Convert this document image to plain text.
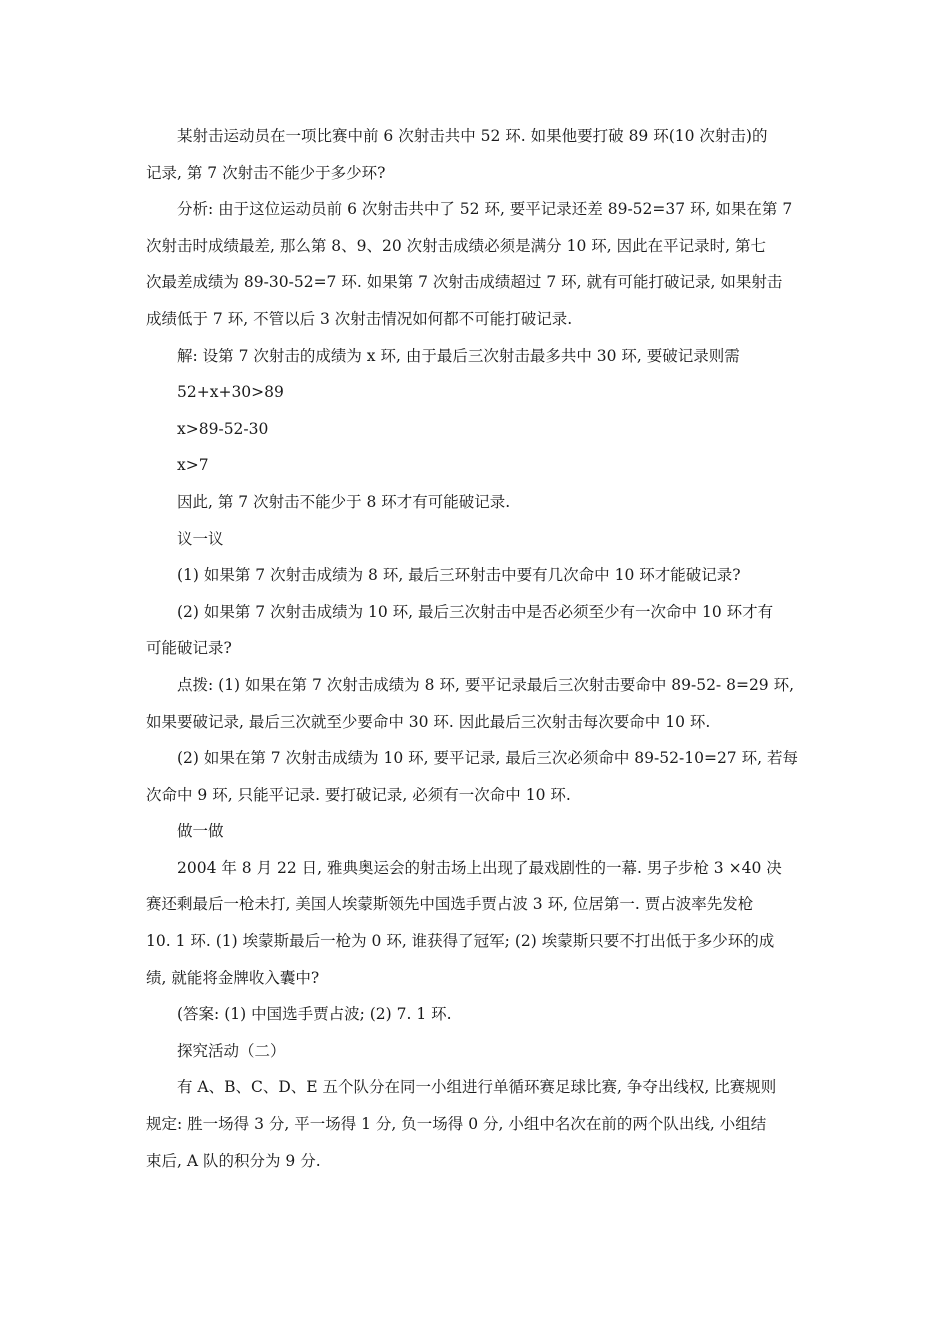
某射击运动员在一项比赛中前 6 次射击共中 52 环. 如果他要打破 89 环(10 次射击)的
记录, 第 7 次射击不能少于多少环?
分析: 由于这位运动员前 6 次射击共中了 52 环, 要平记录还差 89-52=37 环, 如果在第 7
次射击时成绩最差, 那么第 8、9、20 次射击成绩必须是满分 10 环, 因此在平记录时, 第七
次最差成绩为 89-30-52=7 环. 如果第 7 次射击成绩超过 7 环, 就有可能打破记录, 如果射击
成绩低于 7 环, 不管以后 3 次射击情况如何都不可能打破记录.
解: 设第 7 次射击的成绩为 x 环, 由于最后三次射击最多共中 30 环, 要破记录则需
52+x+30>89
x>89-52-30
x>7
因此, 第 7 次射击不能少于 8 环才有可能破记录.
议一议
(1) 如果第 7 次射击成绩为 8 环, 最后三环射击中要有几次命中 10 环才能破记录?
(2) 如果第 7 次射击成绩为 10 环, 最后三次射击中是否必须至少有一次命中 10 环才有
可能破记录?
点拨: (1) 如果在第 7 次射击成绩为 8 环, 要平记录最后三次射击要命中 89-52- 8=29 环,
如果要破记录, 最后三次就至少要命中 30 环. 因此最后三次射击每次要命中 10 环.
(2) 如果在第 7 次射击成绩为 10 环, 要平记录, 最后三次必须命中 89-52-10=27 环, 若每
次命中 9 环, 只能平记录. 要打破记录, 必须有一次命中 10 环.
做一做
2004 年 8 月 22 日, 雅典奥运会的射击场上出现了最戏剧性的一幕. 男子步枪 3 ×40 决
赛还剩最后一枪未打, 美国人埃蒙斯领先中国选手贾占波 3 环, 位居第一. 贾占波率先发枪
10. 1 环. (1) 埃蒙斯最后一枪为 0 环, 谁获得了冠军; (2) 埃蒙斯只要不打出低于多少环的成
绩, 就能将金牌收入囊中?
(答案: (1) 中国选手贾占波; (2) 7. 1 环.
探究活动（二）
有 A、B、C、D、E 五个队分在同一小组进行单循环赛足球比赛, 争夺出线权, 比赛规则
规定: 胜一场得 3 分, 平一场得 1 分, 负一场得 0 分, 小组中名次在前的两个队出线, 小组结
束后, A 队的积分为 9 分.
